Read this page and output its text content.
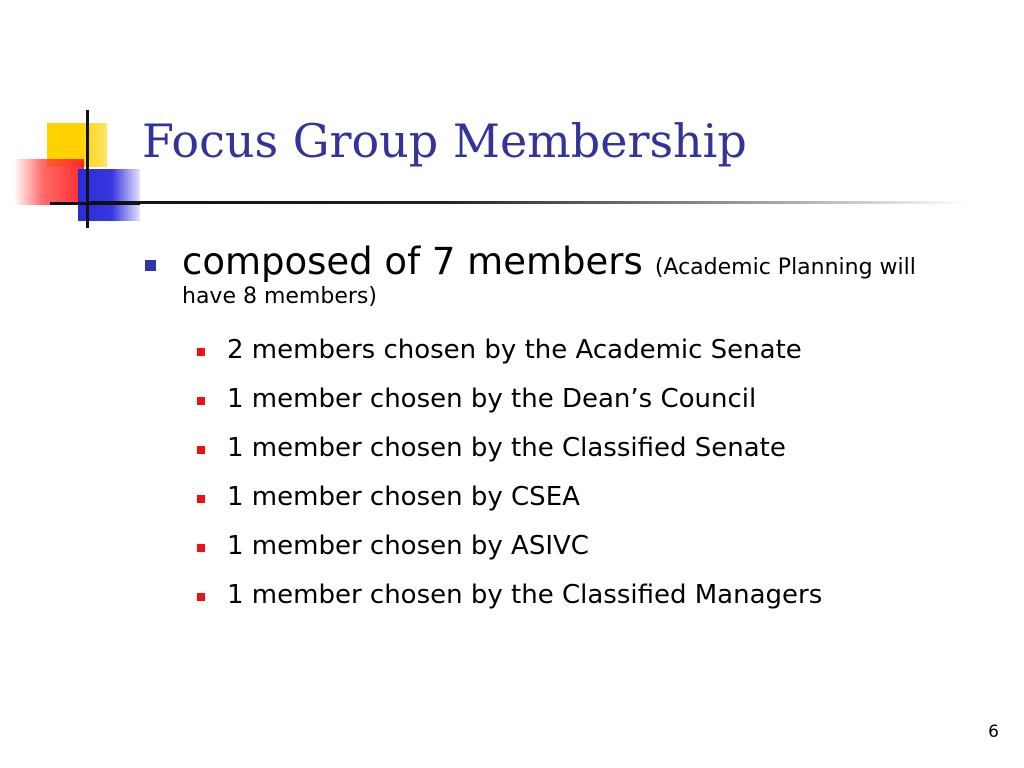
Focus Group Membership
composed of 7 members (Academic Planning will
have 8 members)
2 members chosen by the Academic Senate
1 member chosen by the Dean’s Council
1 member chosen by the Classified Senate
1 member chosen by CSEA
1 member chosen by ASIVC
1 member chosen by the Classified Managers
6
